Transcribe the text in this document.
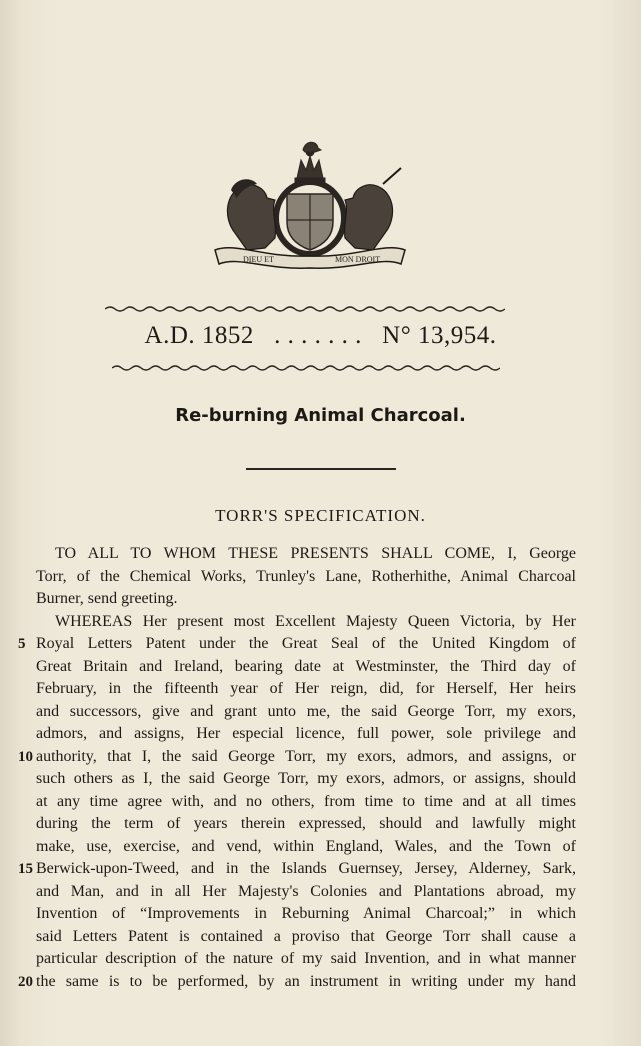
DIEU ET	MON DROIT
A.D. 1852 . . . . . . . N° 13,954.
Re-burning Animal Charcoal.
TORR'S SPECIFICATION.
TO ALL TO WHOM THESE PRESENTS SHALL COME, I, George
Torr, of the Chemical Works, Trunley's Lane, Rotherhithe, Animal Charcoal
Burner, send greeting.
WHEREAS Her present most Excellent Majesty Queen Victoria, by Her
5 Royal Letters Patent under the Great Seal of the United Kingdom of
Great Britain and Ireland, bearing date at Westminster, the Third day of
February, in the fifteenth year of Her reign, did, for Herself, Her heirs
and successors, give and grant unto me, the said George Torr, my exors,
admors, and assigns, Her especial licence, full power, sole privilege and
10 authority, that I, the said George Torr, my exors, admors, and assigns, or
such others as I, the said George Torr, my exors, admors, or assigns, should
at any time agree with, and no others, from time to time and at all times
during the term of years therein expressed, should and lawfully might
make, use, exercise, and vend, within England, Wales, and the Town of
15 Berwick-upon-Tweed, and in the Islands Guernsey, Jersey, Alderney, Sark,
and Man, and in all Her Majesty's Colonies and Plantations abroad, my
Invention of “Improvements in Reburning Animal Charcoal;” in which
said Letters Patent is contained a proviso that George Torr shall cause a
particular description of the nature of my said Invention, and in what manner
20 the same is to be performed, by an instrument in writing under my hand
